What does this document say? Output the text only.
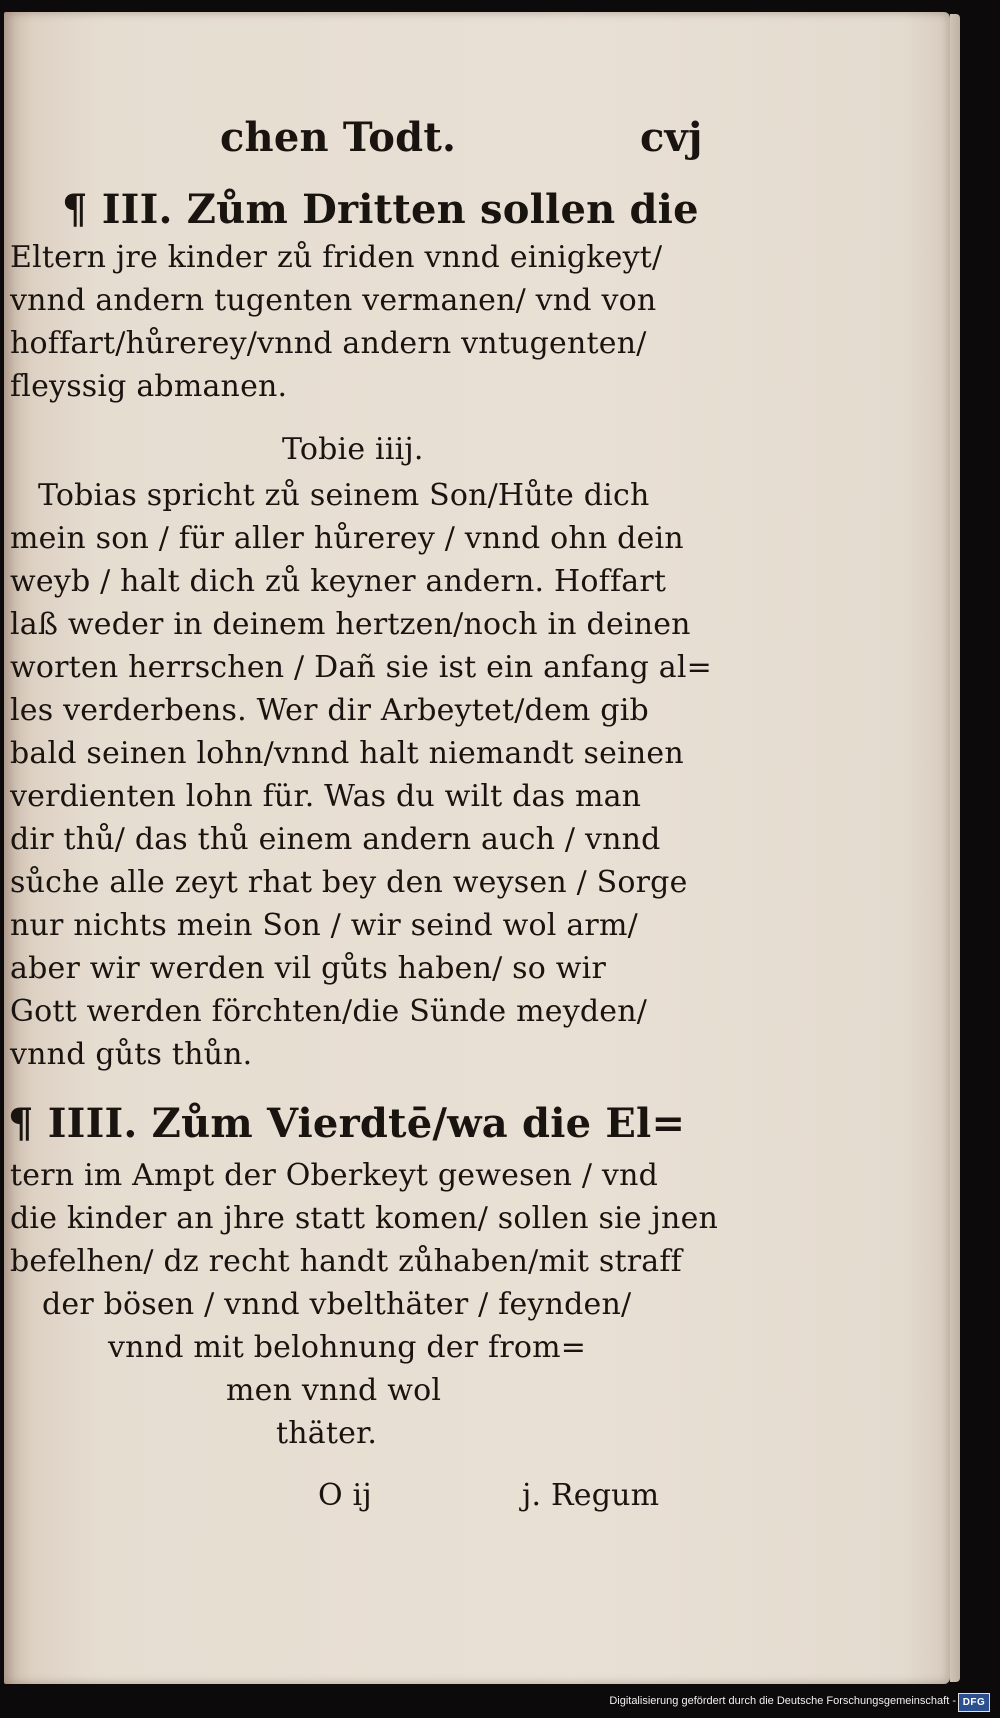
chen Todt.	cvj
¶ III. Zům Dritten sollen die
Eltern jre kinder zů friden vnnd einigkeyt/
vnnd andern tugenten vermanen/ vnd von
hoffart/hůrerey/vnnd andern vntugenten/
fleyssig abmanen.
Tobie iiij.
Tobias spricht zů seinem Son/Hůte dich
mein son / für aller hůrerey / vnnd ohn dein
weyb / halt dich zů keyner andern. Hoffart
laß weder in deinem hertzen/noch in deinen
worten herrschen / Dañ sie ist ein anfang al=
les verderbens. Wer dir Arbeytet/dem gib
bald seinen lohn/vnnd halt niemandt seinen
verdienten lohn für. Was du wilt das man
dir thů/ das thů einem andern auch / vnnd
sůche alle zeyt rhat bey den weysen / Sorge
nur nichts mein Son / wir seind wol arm/
aber wir werden vil gůts haben/ so wir
Gott werden förchten/die Sünde meyden/
vnnd gůts thůn.
¶ IIII. Zům Vierdtē/wa die El=
tern im Ampt der Oberkeyt gewesen / vnd
die kinder an jhre statt komen/ sollen sie jnen
befelhen/ dz recht handt zůhaben/mit straff
der bösen / vnnd vbelthäter / feynden/
vnnd mit belohnung der from=
men vnnd wol
thäter.
O ij	j. Regum
Digitalisierung gefördert durch die Deutsche Forschungsgemeinschaft - DFG
